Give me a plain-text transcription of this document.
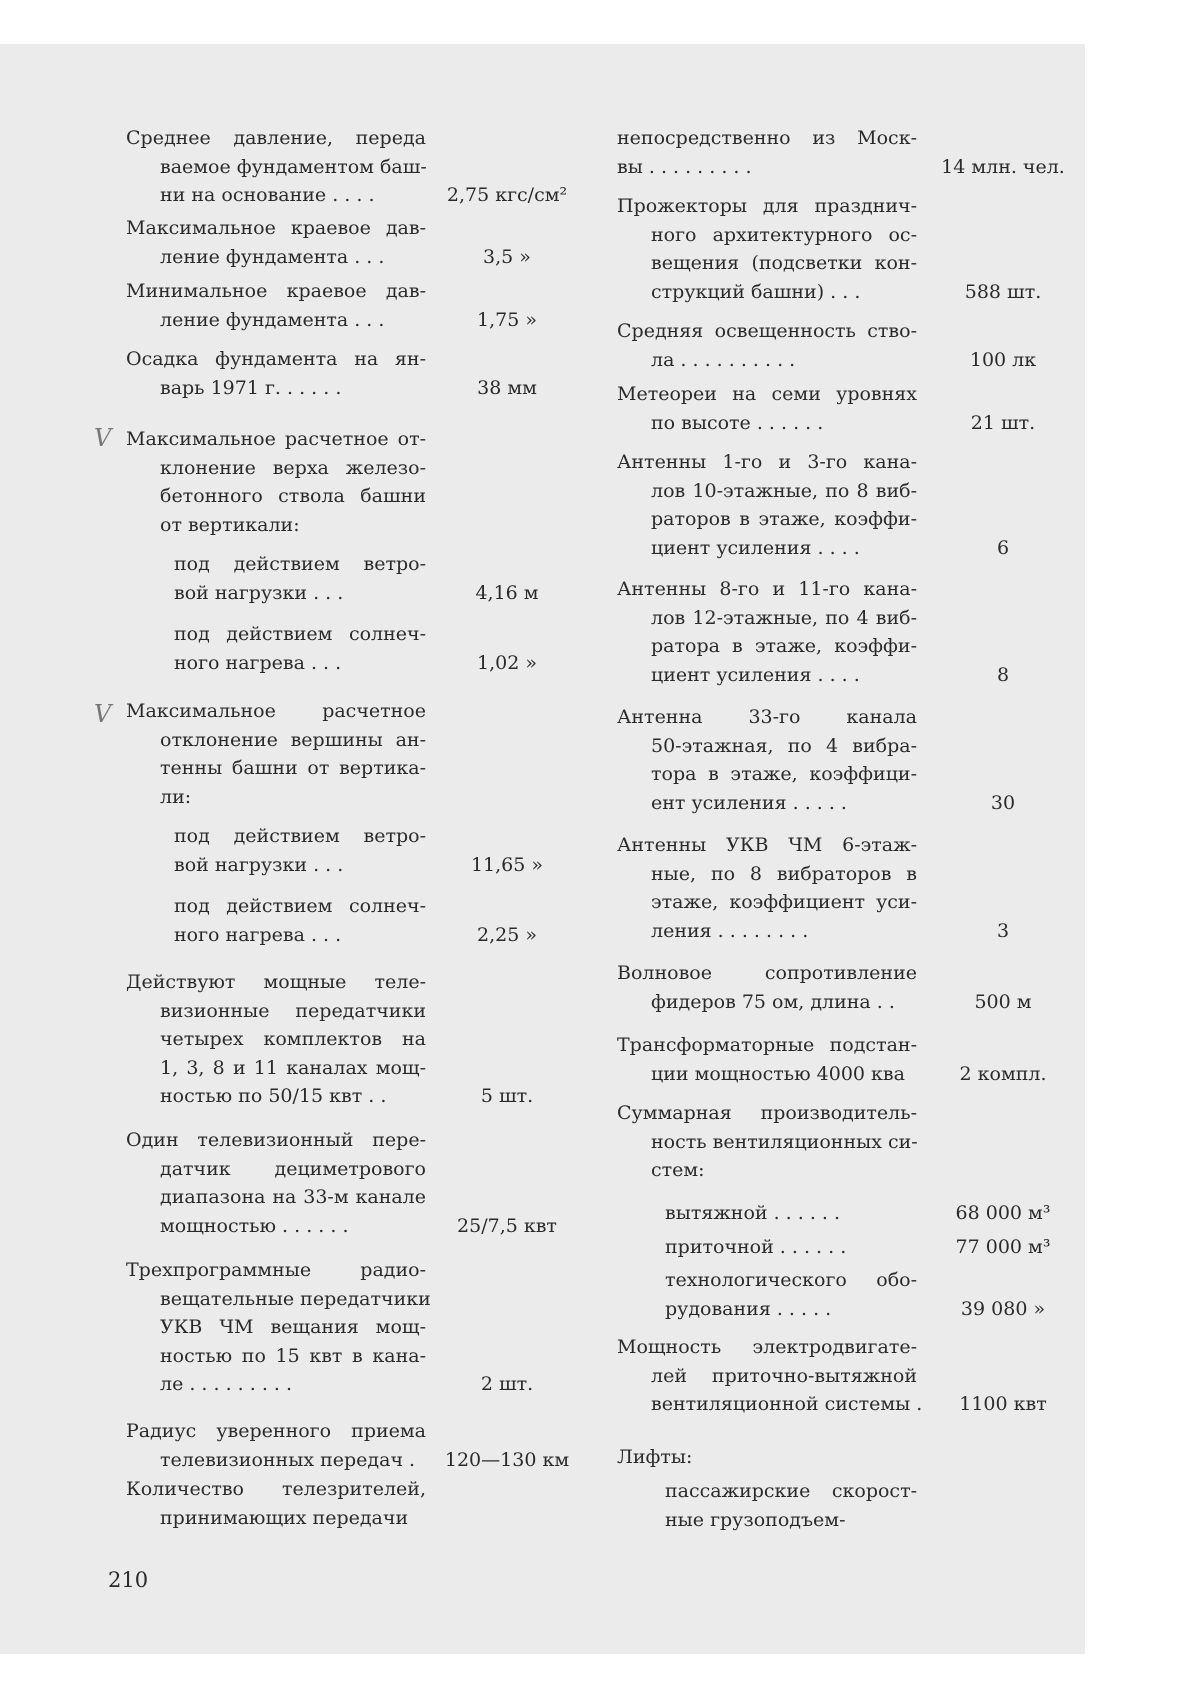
Среднее давление, переда
ваемое фундаментом баш-
ни на основание . . . .	2,75 кгс/см²
Максимальное краевое дав-
ление фундамента . . .	3,5 »
Минимальное краевое дав-
ление фундамента . . .	1,75 »
Осадка фундамента на ян-
варь 1971 г. . . . . .	38 мм
Максимальное расчетное от-
клонение верха железо-
бетонного ствола башни
от вертикали:
под действием ветро-
вой нагрузки . . .	4,16 м
под действием солнеч-
ного нагрева . . .	1,02 »
Максимальное расчетное
отклонение вершины ан-
тенны башни от вертика-
ли:
под действием ветро-
вой нагрузки . . .	11,65 »
под действием солнеч-
ного нагрева . . .	2,25 »
Действуют мощные теле-
визионные передатчики
четырех комплектов на
1, 3, 8 и 11 каналах мощ-
ностью по 50/15 квт . .	5 шт.
Один телевизионный пере-
датчик дециметрового
диапазона на 33-м канале
мощностью . . . . . .	25/7,5 квт
Трехпрограммные радио-
вещательные передатчики
УКВ ЧМ вещания мощ-
ностью по 15 квт в кана-
ле . . . . . . . . .	2 шт.
Радиус уверенного приема
телевизионных передач .	120—130 км
Количество телезрителей,
принимающих передачи
непосредственно из Моск-
вы . . . . . . . . .	14 млн. чел.
Прожекторы для празднич-
ного архитектурного ос-
вещения (подсветки кон-
струкций башни) . . .	588 шт.
Средняя освещенность ство-
ла . . . . . . . . . .	100 лк
Метеореи на семи уровнях
по высоте . . . . . .	21 шт.
Антенны 1-го и 3-го кана-
лов 10-этажные, по 8 виб-
раторов в этаже, коэффи-
циент усиления . . . .	6
Антенны 8-го и 11-го кана-
лов 12-этажные, по 4 виб-
ратора в этаже, коэффи-
циент усиления . . . .	8
Антенна 33-го канала
50-этажная, по 4 вибра-
тора в этаже, коэффици-
ент усиления . . . . .	30
Антенны УКВ ЧМ 6-этаж-
ные, по 8 вибраторов в
этаже, коэффициент уси-
ления . . . . . . . .	3
Волновое сопротивление
фидеров 75 ом, длина . .	500 м
Трансформаторные подстан-
ции мощностью 4000 ква	2 компл.
Суммарная производитель-
ность вентиляционных си-
стем:
вытяжной . . . . . .	68 000 м³
приточной . . . . . .	77 000 м³
технологического обо-
рудования . . . . .	39 080 »
Мощность электродвигате-
лей приточно-вытяжной
вентиляционной системы .	1100 квт
Лифты:
пассажирские скорост-
ные грузоподъем-
V
V
210
